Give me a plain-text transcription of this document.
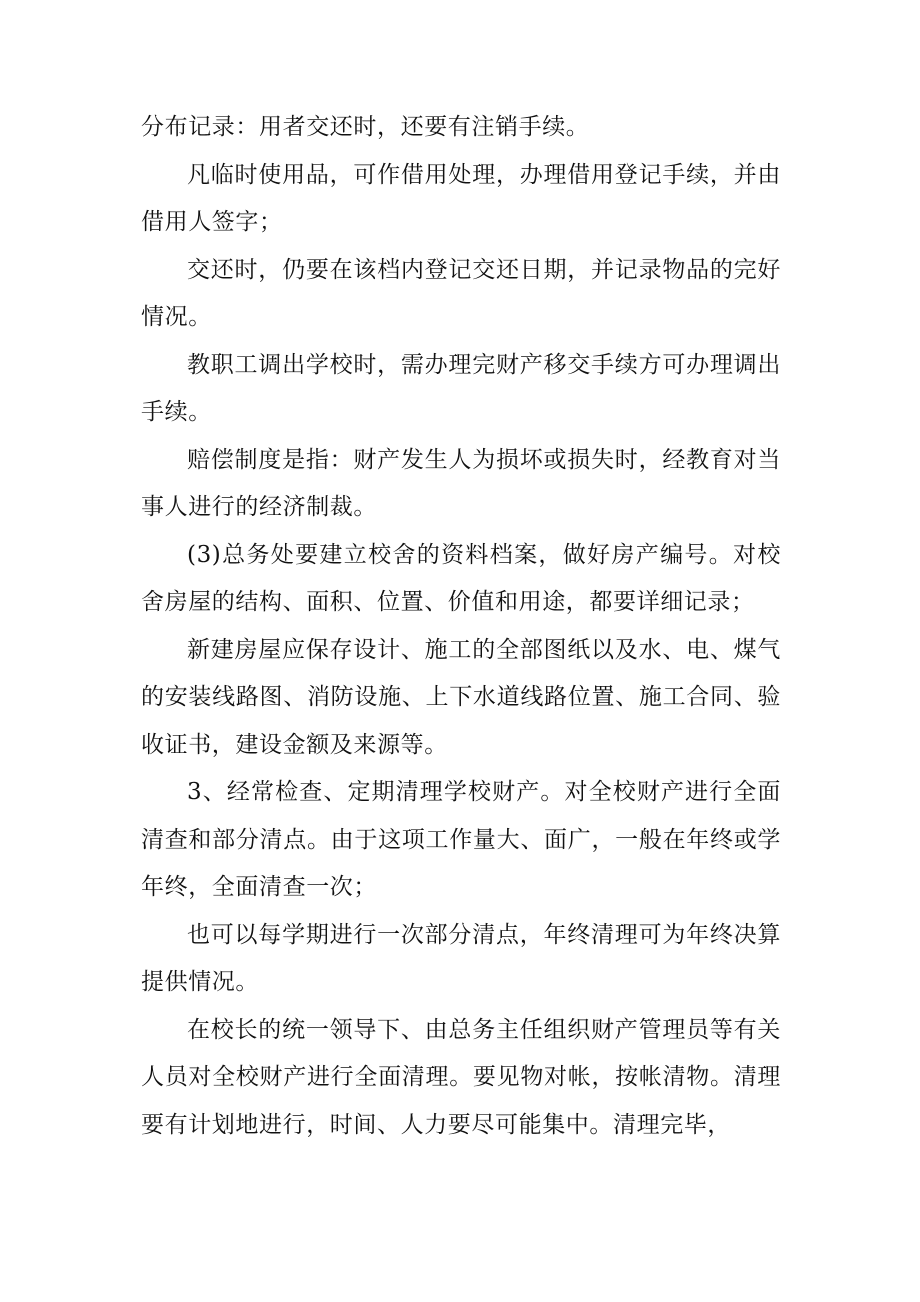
分布记录：用者交还时，还要有注销手续。

凡临时使用品，可作借用处理，办理借用登记手续，并由借用人签字；

交还时，仍要在该档内登记交还日期，并记录物品的完好情况。

教职工调出学校时，需办理完财产移交手续方可办理调出手续。

赔偿制度是指：财产发生人为损坏或损失时，经教育对当事人进行的经济制裁。

(3)总务处要建立校舍的资料档案，做好房产编号。对校舍房屋的结构、面积、位置、价值和用途，都要详细记录；

新建房屋应保存设计、施工的全部图纸以及水、电、煤气的安装线路图、消防设施、上下水道线路位置、施工合同、验收证书，建设金额及来源等。

3、经常检查、定期清理学校财产。对全校财产进行全面清查和部分清点。由于这项工作量大、面广，一般在年终或学年终，全面清查一次；

也可以每学期进行一次部分清点，年终清理可为年终决算提供情况。

在校长的统一领导下、由总务主任组织财产管理员等有关人员对全校财产进行全面清理。要见物对帐，按帐清物。清理要有计划地进行，时间、人力要尽可能集中。清理完毕，
